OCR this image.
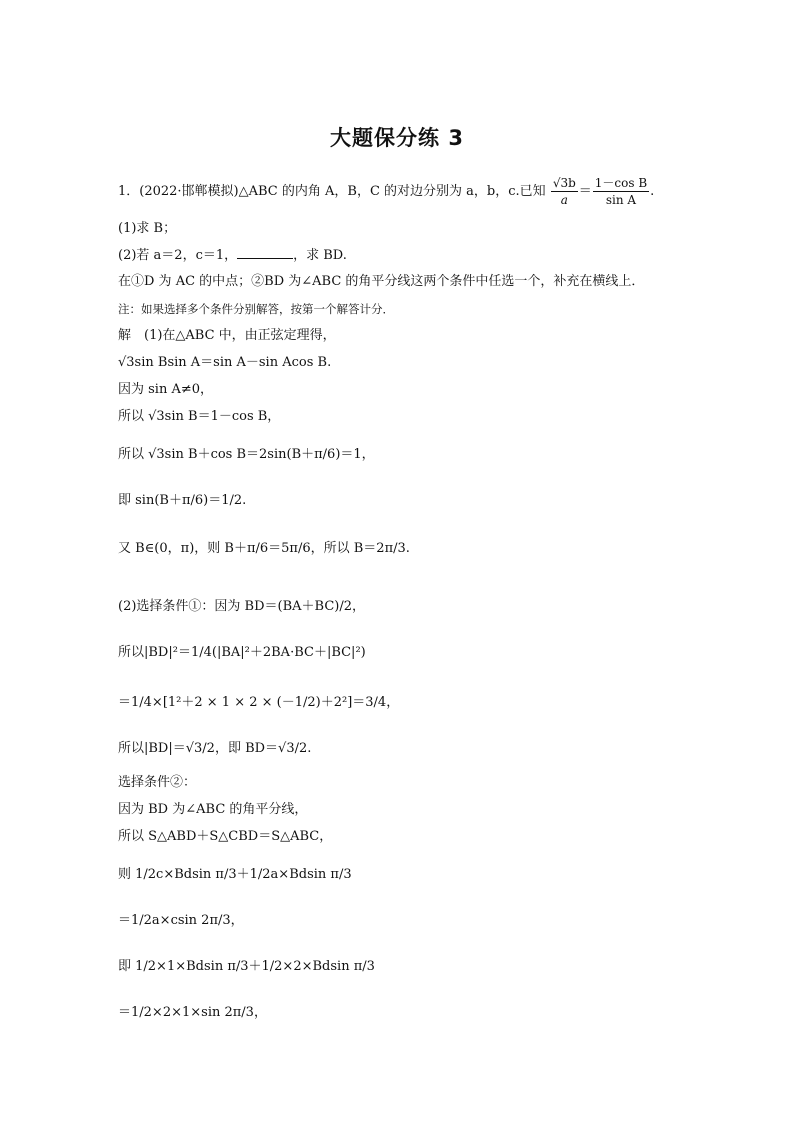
大题保分练 3
1．(2022·邯郸模拟)△ABC 的内角 A，B，C 的对边分别为 a，b，c.已知 $\frac{√3b}{a} = \frac{\text{1－cos B}}{\text{sin A}}$ .
(1)求 B；
(2)若 a＝2，c＝1，	，求 BD.
在①D 为 AC 的中点；②BD 为∠ABC 的角平分线这两个条件中任选一个，补充在横线上．
注：如果选择多个条件分别解答，按第一个解答计分．
解　(1)在△ABC 中，由正弦定理得，
√3sin Bsin A＝sin A－sin Acos B.
因为 sin A≠0，
所以 √3sin B＝1－cos B，
所以 √3sin B＋cos B＝2sin(B＋π/6)＝1，
即 sin(B＋π/6)＝1/2.
又 B∈(0，π)，则 B＋π/6＝5π/6，所以 B＝2π/3.
(2)选择条件①：因为 BD＝(BA＋BC)/2，
所以|BD|²＝1/4(|BA|²＋2BA·BC＋|BC|²)
＝1/4×[1²＋2 × 1 × 2 × (－1/2)＋2²]＝3/4，
所以|BD|＝√3/2，即 BD＝√3/2.
选择条件②：
因为 BD 为∠ABC 的角平分线，
所以 S△ABD＋S△CBD＝S△ABC，
则 1/2c×Bdsin π/3＋1/2a×Bdsin π/3
＝1/2a×csin 2π/3，
即 1/2×1×Bdsin π/3＋1/2×2×Bdsin π/3
＝1/2×2×1×sin 2π/3，
